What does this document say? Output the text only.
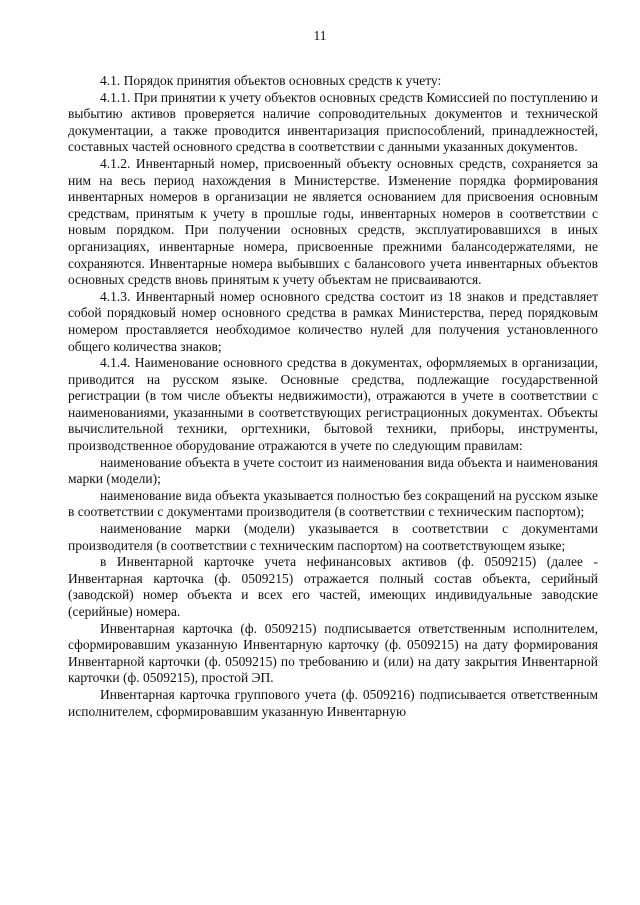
11

4.1. Порядок принятия объектов основных средств к учету:

4.1.1. При принятии к учету объектов основных средств Комиссией по поступлению и выбытию активов проверяется наличие сопроводительных документов и технической документации, а также проводится инвентаризация приспособлений, принадлежностей, составных частей основного средства в соответствии с данными указанных документов.

4.1.2. Инвентарный номер, присвоенный объекту основных средств, сохраняется за ним на весь период нахождения в Министерстве. Изменение порядка формирования инвентарных номеров в организации не является основанием для присвоения основным средствам, принятым к учету в прошлые годы, инвентарных номеров в соответствии с новым порядком. При получении основных средств, эксплуатировавшихся в иных организациях, инвентарные номера, присвоенные прежними балансодержателями, не сохраняются. Инвентарные номера выбывших с балансового учета инвентарных объектов основных средств вновь принятым к учету объектам не присваиваются.

4.1.3. Инвентарный номер основного средства состоит из 18 знаков и представляет собой порядковый номер основного средства в рамках Министерства, перед порядковым номером проставляется необходимое количество нулей для получения установленного общего количества знаков;

4.1.4. Наименование основного средства в документах, оформляемых в организации, приводится на русском языке. Основные средства, подлежащие государственной регистрации (в том числе объекты недвижимости), отражаются в учете в соответствии с наименованиями, указанными в соответствующих регистрационных документах. Объекты вычислительной техники, оргтехники, бытовой техники, приборы, инструменты, производственное оборудование отражаются в учете по следующим правилам:

наименование объекта в учете состоит из наименования вида объекта и наименования марки (модели);

наименование вида объекта указывается полностью без сокращений на русском языке в соответствии с документами производителя (в соответствии с техническим паспортом);

наименование марки (модели) указывается в соответствии с документами производителя (в соответствии с техническим паспортом) на соответствующем языке;

в Инвентарной карточке учета нефинансовых активов (ф. 0509215) (далее - Инвентарная карточка (ф. 0509215) отражается полный состав объекта, серийный (заводской) номер объекта и всех его частей, имеющих индивидуальные заводские (серийные) номера.

Инвентарная карточка (ф. 0509215) подписывается ответственным исполнителем, сформировавшим указанную Инвентарную карточку (ф. 0509215) на дату формирования Инвентарной карточки (ф. 0509215) по требованию и (или) на дату закрытия Инвентарной карточки (ф. 0509215), простой ЭП.

Инвентарная карточка группового учета (ф. 0509216) подписывается ответственным исполнителем, сформировавшим указанную Инвентарную
